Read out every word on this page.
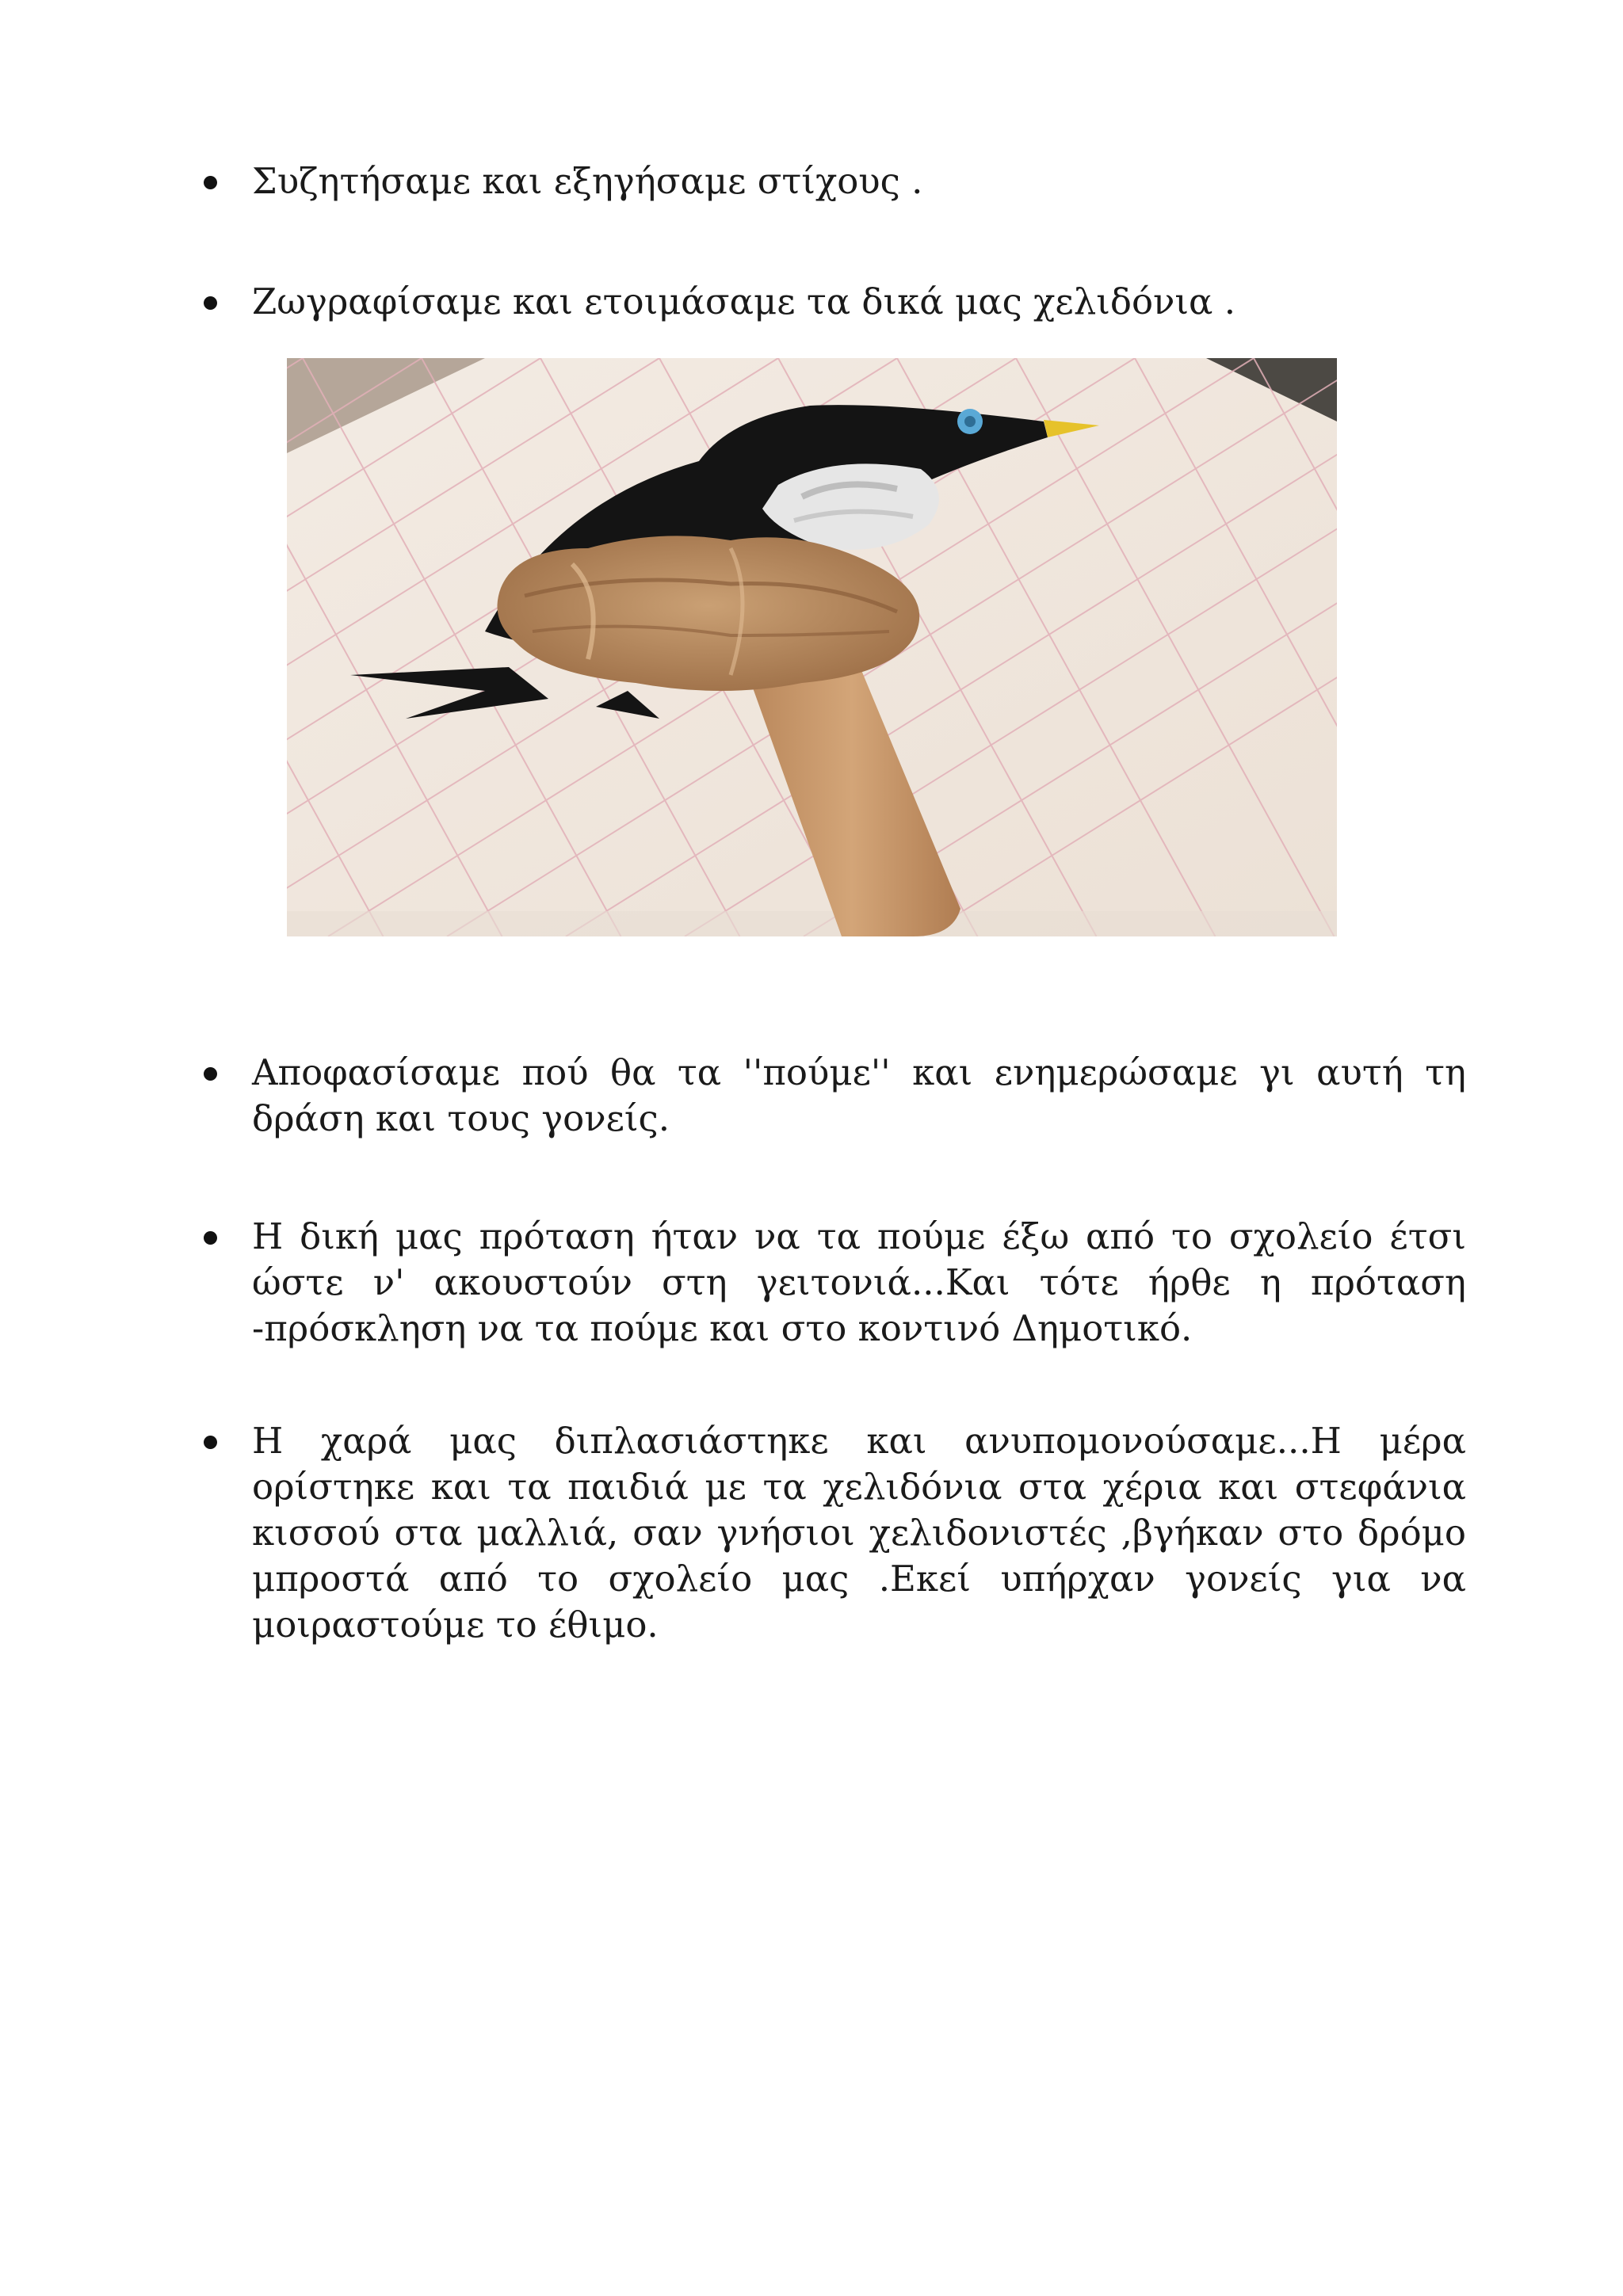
Συζητήσαμε και εξηγήσαμε στίχους .
Ζωγραφίσαμε και ετοιμάσαμε τα δικά μας χελιδόνια .
Αποφασίσαμε πού θα τα ''πούμε'' και ενημερώσαμε γι αυτή τη δράση και τους γονείς.
Η δική μας πρόταση ήταν να τα πούμε έξω από το σχολείο έτσι ώστε ν' ακουστούν στη γειτονιά...Και τότε ήρθε η πρόταση -πρόσκληση να τα πούμε και στο κοντινό Δημοτικό.
Η χαρά μας διπλασιάστηκε και ανυπομονούσαμε...Η μέρα ορίστηκε και τα παιδιά με τα χελιδόνια στα χέρια και στεφάνια κισσού στα μαλλιά, σαν γνήσιοι χελιδονιστές ,βγήκαν στο δρόμο μπροστά από το σχολείο μας .Εκεί υπήρχαν γονείς για να μοιραστούμε το έθιμο.
